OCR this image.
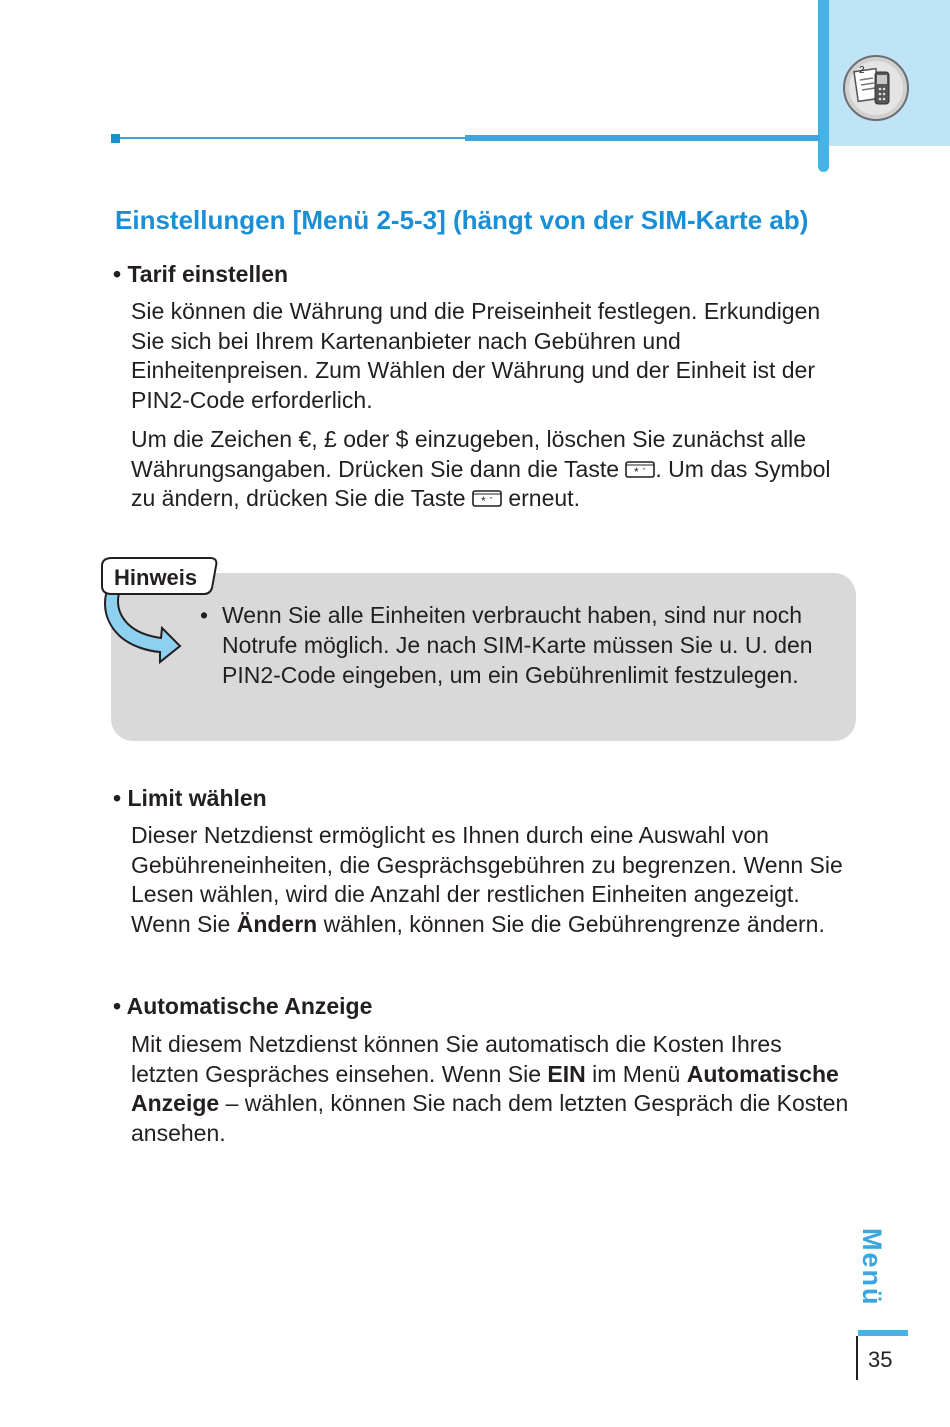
2
Einstellungen [Menü 2-5-3] (hängt von der SIM-Karte ab)
• Tarif einstellen
Sie können die Währung und die Preiseinheit festlegen. Erkundigen Sie sich bei Ihrem Kartenanbieter nach Gebühren und Einheitenpreisen. Zum Wählen der Währung und der Einheit ist der PIN2-Code erforderlich.
Um die Zeichen €, £ oder $ einzugeben, löschen Sie zunächst alle Währungsangaben. Drücken Sie dann die Taste * " . Um das Symbol zu ändern, drücken Sie die Taste * " erneut.
Hinweis
• Wenn Sie alle Einheiten verbraucht haben, sind nur noch Notrufe möglich. Je nach SIM-Karte müssen Sie u. U. den PIN2-Code eingeben, um ein Gebührenlimit festzulegen.
• Limit wählen
Dieser Netzdienst ermöglicht es Ihnen durch eine Auswahl von Gebühreneinheiten, die Gesprächsgebühren zu begrenzen. Wenn Sie Lesen wählen, wird die Anzahl der restlichen Einheiten angezeigt. Wenn Sie Ändern wählen, können Sie die Gebührengrenze ändern.
• Automatische Anzeige
Mit diesem Netzdienst können Sie automatisch die Kosten Ihres letzten Gespräches einsehen. Wenn Sie EIN im Menü Automatische Anzeige – wählen, können Sie nach dem letzten Gespräch die Kosten ansehen.
Menü
35
